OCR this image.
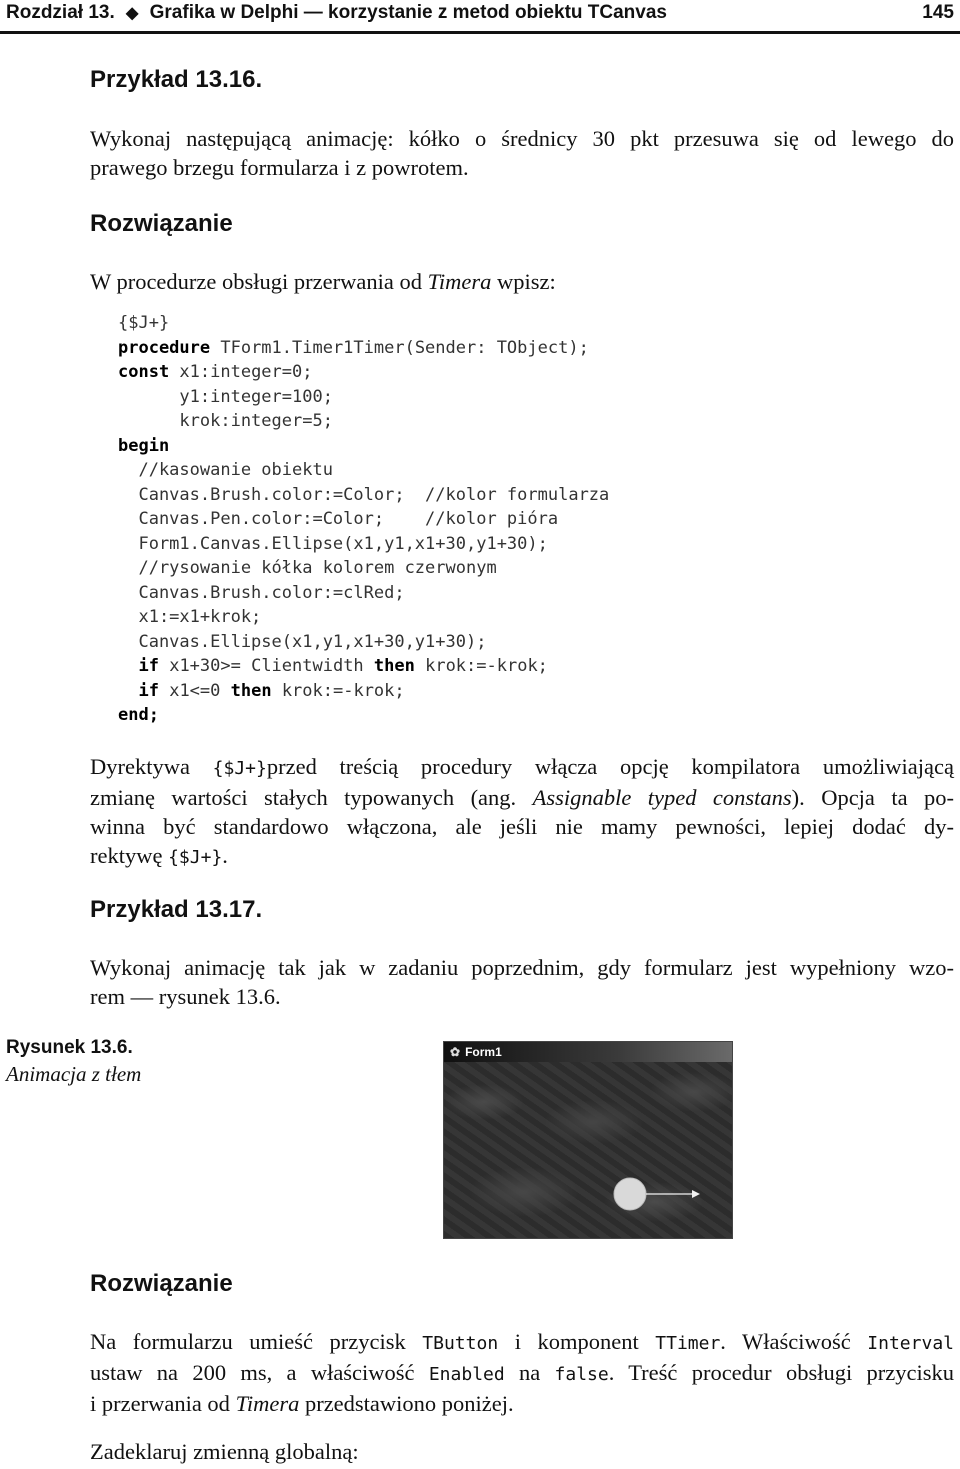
Rozdział 13. ◆ Grafika w Delphi — korzystanie z metod obiektu TCanvas	145
Przykład 13.16.
Wykonaj następującą animację: kółko o średnicy 30 pkt przesuwa się od lewego do
prawego brzegu formularza i z powrotem.
Rozwiązanie
W procedurze obsługi przerwania od Timera wpisz:
{$J+}
procedure TForm1.Timer1Timer(Sender: TObject);
const x1:integer=0;
y1:integer=100;
krok:integer=5;
begin
//kasowanie obiektu
Canvas.Brush.color:=Color;  //kolor formularza
Canvas.Pen.color:=Color;    //kolor pióra
Form1.Canvas.Ellipse(x1,y1,x1+30,y1+30);
//rysowanie kółka kolorem czerwonym
Canvas.Brush.color:=clRed;
x1:=x1+krok;
Canvas.Ellipse(x1,y1,x1+30,y1+30);
if x1+30>= Clientwidth then krok:=-krok;
if x1<=0 then krok:=-krok;
end;
Dyrektywa {$J+}przed treścią procedury włącza opcję kompilatora umożliwiającą
zmianę wartości stałych typowanych (ang. Assignable typed constans). Opcja ta po-
winna być standardowo włączona, ale jeśli nie mamy pewności, lepiej dodać dy-
rektywę {$J+}.
Przykład 13.17.
Wykonaj animację tak jak w zadaniu poprzednim, gdy formularz jest wypełniony wzo-
rem — rysunek 13.6.
Rysunek 13.6.
Animacja z tłem
✿ Form1
Rozwiązanie
Na formularzu umieść przycisk TButton i komponent TTimer. Właściwość Interval
ustaw na 200 ms, a właściwość Enabled na false. Treść procedur obsługi przycisku
i przerwania od Timera przedstawiono poniżej.
Zadeklaruj zmienną globalną:
